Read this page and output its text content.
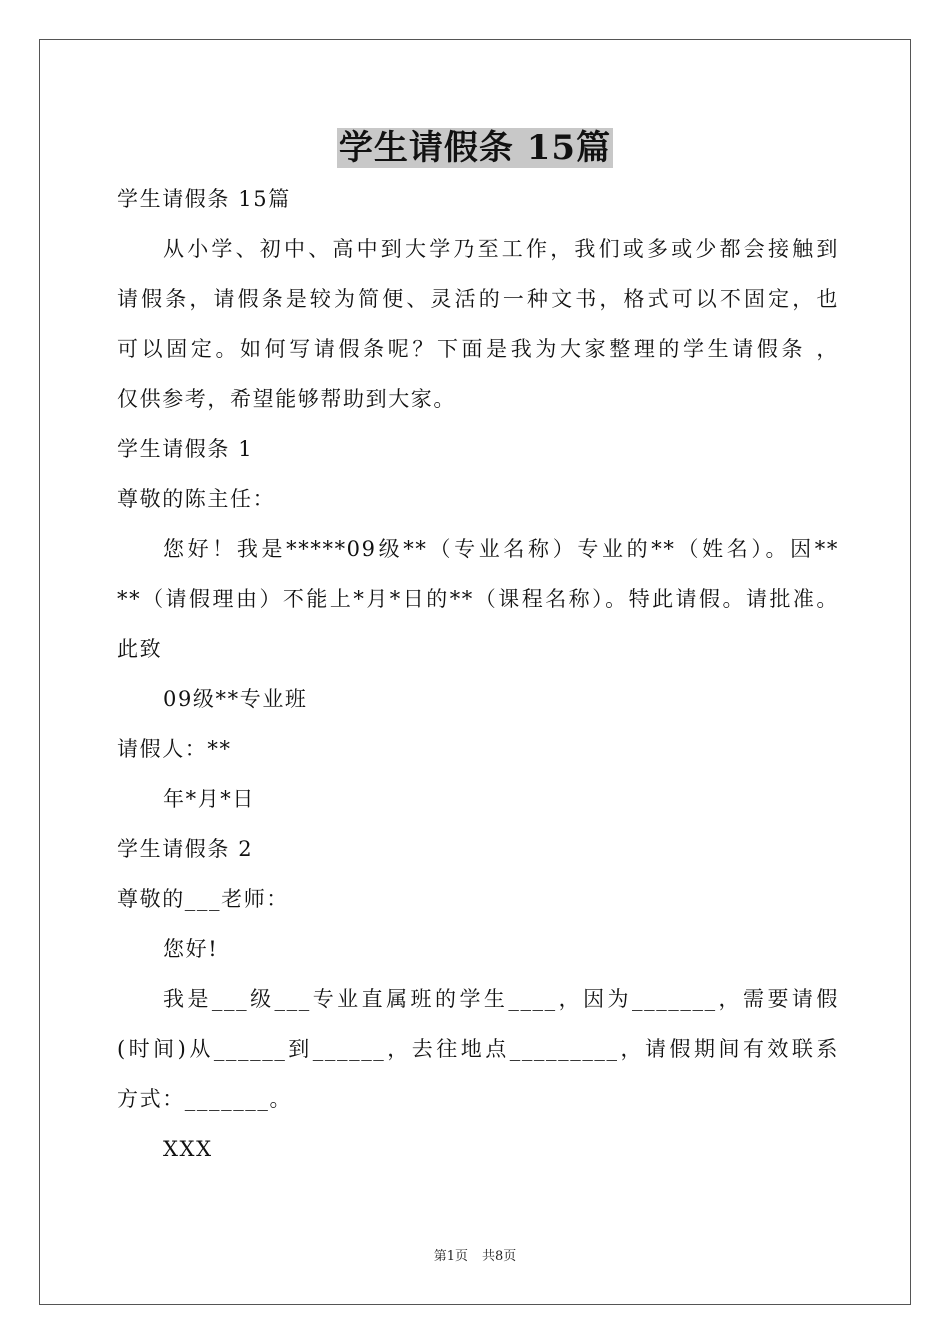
学生请假条 15篇
学生请假条 15篇
从小学、初中、高中到大学乃至工作，我们或多或少都会接触到
请假条，请假条是较为简便、灵活的一种文书，格式可以不固定，也
可以固定。如何写请假条呢？下面是我为大家整理的学生请假条 ，
仅供参考，希望能够帮助到大家。
学生请假条 1
尊敬的陈主任：
您好！我是*****09级**（专业名称）专业的**（姓名）。因**
**（请假理由）不能上*月*日的**（课程名称）。特此请假。请批准。
此致
09级**专业班
请假人：**
年*月*日
学生请假条 2
尊敬的___老师：
您好!
我是___级___专业直属班的学生____，因为_______，需要请假
(时间)从______到______，去往地点_________，请假期间有效联系
方式：_______。
XXX
第1页 共8页
